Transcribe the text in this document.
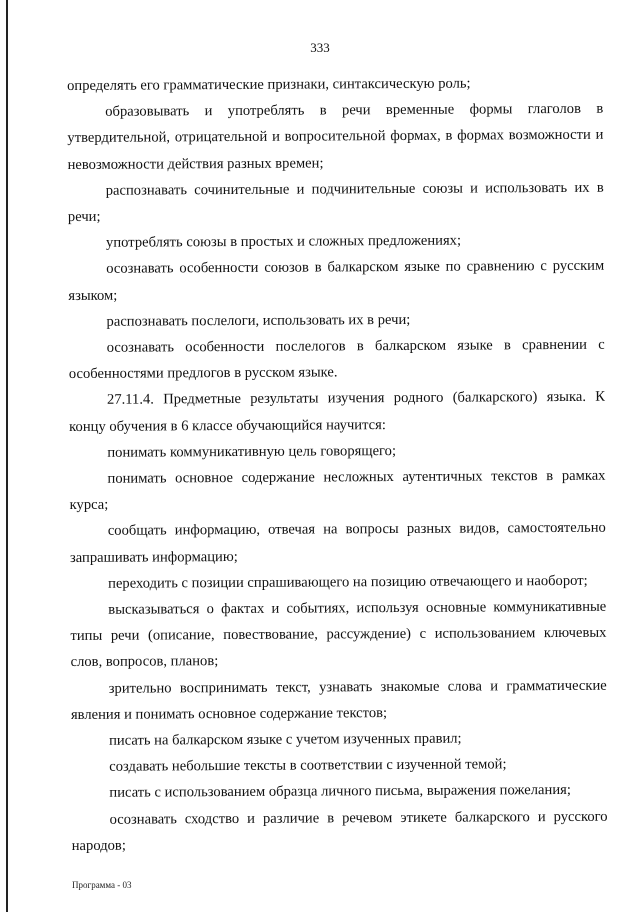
333

определять его грамматические признаки, синтаксическую роль;

образовывать и употреблять в речи временные формы глаголов в утвердительной, отрицательной и вопросительной формах, в формах возможности и невозможности действия разных времен;

распознавать сочинительные и подчинительные союзы и использовать их в речи;

употреблять союзы в простых и сложных предложениях;

осознавать особенности союзов в балкарском языке по сравнению с русским языком;

распознавать послелоги, использовать их в речи;

осознавать особенности послелогов в балкарском языке в сравнении с особенностями предлогов в русском языке.

27.11.4. Предметные результаты изучения родного (балкарского) языка. К концу обучения в 6 классе обучающийся научится:

понимать коммуникативную цель говорящего;

понимать основное содержание несложных аутентичных текстов в рамках курса;

сообщать информацию, отвечая на вопросы разных видов, самостоятельно запрашивать информацию;

переходить с позиции спрашивающего на позицию отвечающего и наоборот;

высказываться о фактах и событиях, используя основные коммуникативные типы речи (описание, повествование, рассуждение) с использованием ключевых слов, вопросов, планов;

зрительно воспринимать текст, узнавать знакомые слова и грамматические явления и понимать основное содержание текстов;

писать на балкарском языке с учетом изученных правил;

создавать небольшие тексты в соответствии с изученной темой;

писать с использованием образца личного письма, выражения пожелания;

осознавать сходство и различие в речевом этикете балкарского и русского народов;

Программа - 03
